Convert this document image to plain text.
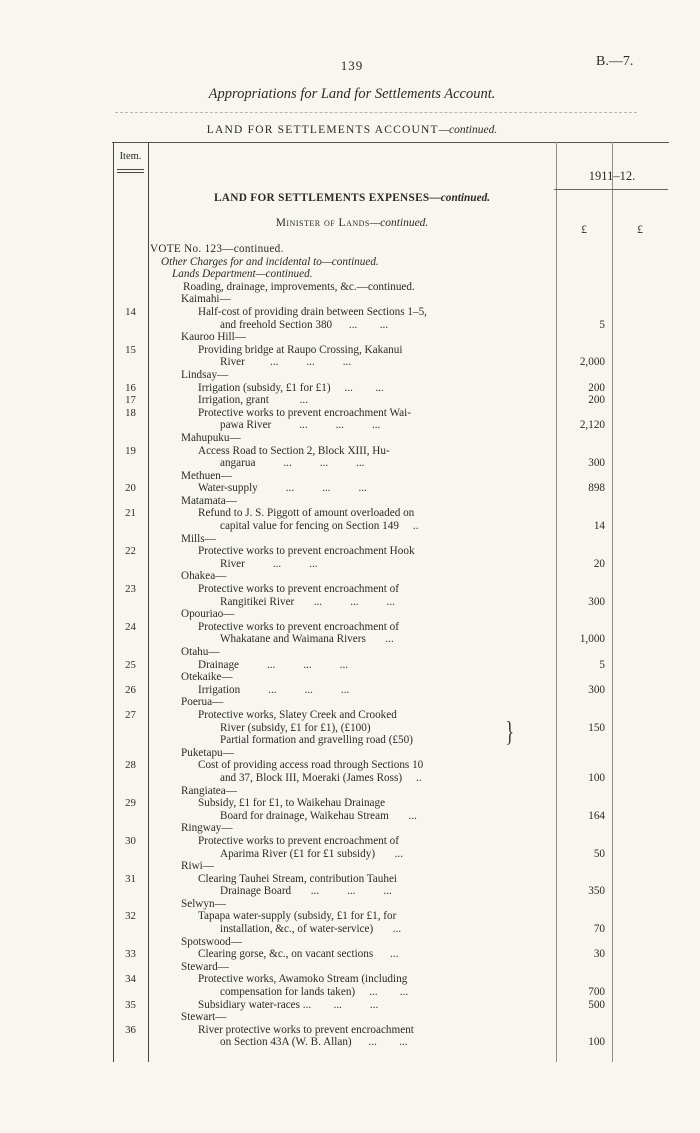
139	B.—7.
Appropriations for Land for Settlements Account.
LAND FOR SETTLEMENTS ACCOUNT—continued.
Item.
1911–12.
LAND FOR SETTLEMENTS EXPENSES—continued.
Minister of Lands—continued.
£	£
VOTE No. 123—continued.
Other Charges for and incidental to—continued.
Lands Department—continued.
Roading, drainage, improvements, &c.—continued.
Kaimahi—
14	Half-cost of providing drain between Sections 1–5,
and freehold Section 380      ...        ...	5
Kauroo Hill—
15	Providing bridge at Raupo Crossing, Kakanui
River         ...          ...          ...	2,000
Lindsay—
16	Irrigation (subsidy, £1 for £1)     ...        ...	200
17	Irrigation, grant           ...	200
18	Protective works to prevent encroachment Wai-
pawa River          ...          ...          ...	2,120
Mahupuku—
19	Access Road to Section 2, Block XIII, Hu-
angarua          ...          ...          ...	300
Methuen—
20	Water-supply          ...          ...          ...	898
Matamata—
21	Refund to J. S. Piggott of amount overloaded on
capital value for fencing on Section 149     ..	14
Mills—
22	Protective works to prevent encroachment Hook
River          ...          ...	20
Ohakea—
23	Protective works to prevent encroachment of
Rangitikei River       ...          ...          ...	300
Opouriao—
24	Protective works to prevent encroachment of
Whakatane and Waimana Rivers       ...	1,000
Otahu—
25	Drainage          ...          ...          ...	5
Otekaike—
26	Irrigation          ...          ...          ...	300
Poerua—
27	Protective works, Slatey Creek and Crooked
River (subsidy, £1 for £1), (£100)
Partial formation and gravelling road (£50)	}	150
Puketapu—
28	Cost of providing access road through Sections 10
and 37, Block III, Moeraki (James Ross)     ..	100
Rangiatea—
29	Subsidy, £1 for £1, to Waikehau Drainage
Board for drainage, Waikehau Stream       ...	164
Ringway—
30	Protective works to prevent encroachment of
Aparima River (£1 for £1 subsidy)       ...	50
Riwi—
31	Clearing Tauhei Stream, contribution Tauhei
Drainage Board       ...          ...          ...	350
Selwyn—
32	Tapapa water-supply (subsidy, £1 for £1, for
installation, &c., of water-service)       ...	70
Spotswood—
33	Clearing gorse, &c., on vacant sections      ...	30
Steward—
34	Protective works, Awamoko Stream (including
compensation for lands taken)     ...        ...	700
35	Subsidiary water-races ...        ...          ...	500
Stewart—
36	River protective works to prevent encroachment
on Section 43A (W. B. Allan)      ...        ...	100
